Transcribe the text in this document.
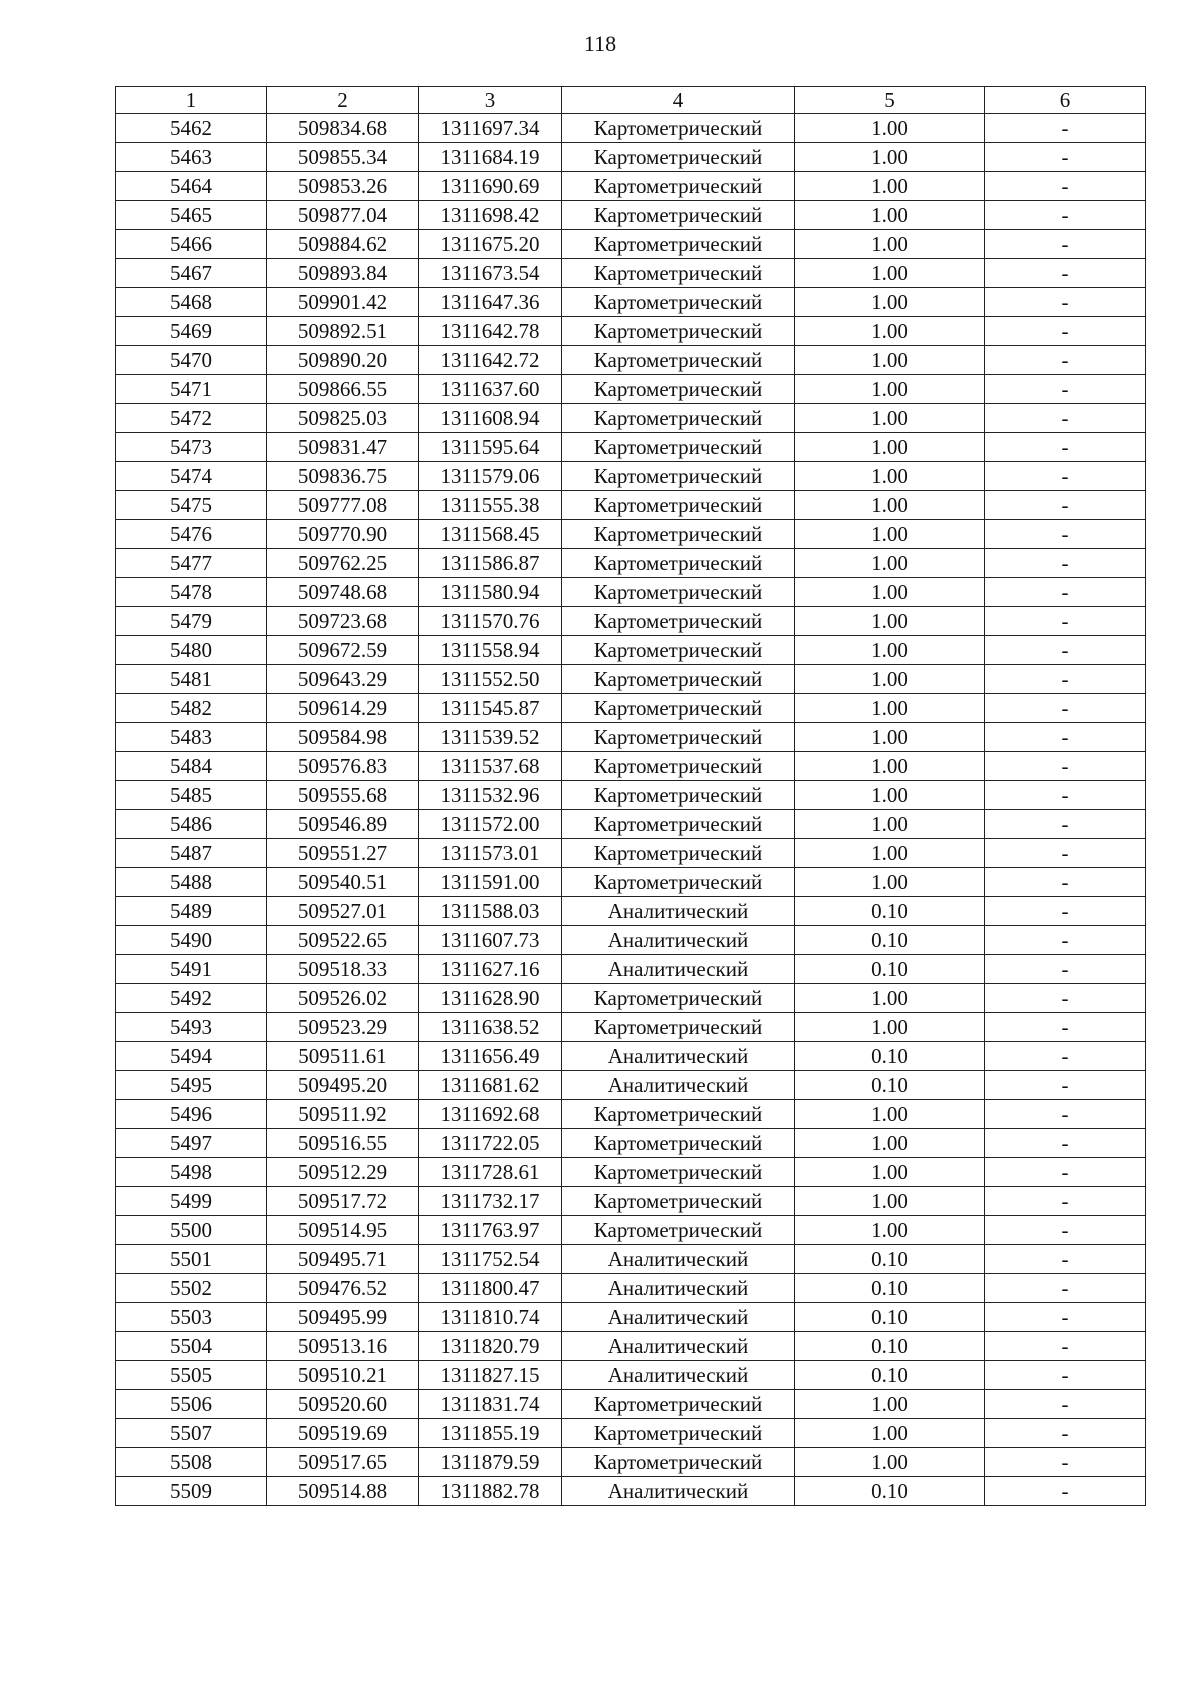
118
1	2	3	4	5	6
5462	509834.68	1311697.34	Картометрический	1.00	-
5463	509855.34	1311684.19	Картометрический	1.00	-
5464	509853.26	1311690.69	Картометрический	1.00	-
5465	509877.04	1311698.42	Картометрический	1.00	-
5466	509884.62	1311675.20	Картометрический	1.00	-
5467	509893.84	1311673.54	Картометрический	1.00	-
5468	509901.42	1311647.36	Картометрический	1.00	-
5469	509892.51	1311642.78	Картометрический	1.00	-
5470	509890.20	1311642.72	Картометрический	1.00	-
5471	509866.55	1311637.60	Картометрический	1.00	-
5472	509825.03	1311608.94	Картометрический	1.00	-
5473	509831.47	1311595.64	Картометрический	1.00	-
5474	509836.75	1311579.06	Картометрический	1.00	-
5475	509777.08	1311555.38	Картометрический	1.00	-
5476	509770.90	1311568.45	Картометрический	1.00	-
5477	509762.25	1311586.87	Картометрический	1.00	-
5478	509748.68	1311580.94	Картометрический	1.00	-
5479	509723.68	1311570.76	Картометрический	1.00	-
5480	509672.59	1311558.94	Картометрический	1.00	-
5481	509643.29	1311552.50	Картометрический	1.00	-
5482	509614.29	1311545.87	Картометрический	1.00	-
5483	509584.98	1311539.52	Картометрический	1.00	-
5484	509576.83	1311537.68	Картометрический	1.00	-
5485	509555.68	1311532.96	Картометрический	1.00	-
5486	509546.89	1311572.00	Картометрический	1.00	-
5487	509551.27	1311573.01	Картометрический	1.00	-
5488	509540.51	1311591.00	Картометрический	1.00	-
5489	509527.01	1311588.03	Аналитический	0.10	-
5490	509522.65	1311607.73	Аналитический	0.10	-
5491	509518.33	1311627.16	Аналитический	0.10	-
5492	509526.02	1311628.90	Картометрический	1.00	-
5493	509523.29	1311638.52	Картометрический	1.00	-
5494	509511.61	1311656.49	Аналитический	0.10	-
5495	509495.20	1311681.62	Аналитический	0.10	-
5496	509511.92	1311692.68	Картометрический	1.00	-
5497	509516.55	1311722.05	Картометрический	1.00	-
5498	509512.29	1311728.61	Картометрический	1.00	-
5499	509517.72	1311732.17	Картометрический	1.00	-
5500	509514.95	1311763.97	Картометрический	1.00	-
5501	509495.71	1311752.54	Аналитический	0.10	-
5502	509476.52	1311800.47	Аналитический	0.10	-
5503	509495.99	1311810.74	Аналитический	0.10	-
5504	509513.16	1311820.79	Аналитический	0.10	-
5505	509510.21	1311827.15	Аналитический	0.10	-
5506	509520.60	1311831.74	Картометрический	1.00	-
5507	509519.69	1311855.19	Картометрический	1.00	-
5508	509517.65	1311879.59	Картометрический	1.00	-
5509	509514.88	1311882.78	Аналитический	0.10	-
